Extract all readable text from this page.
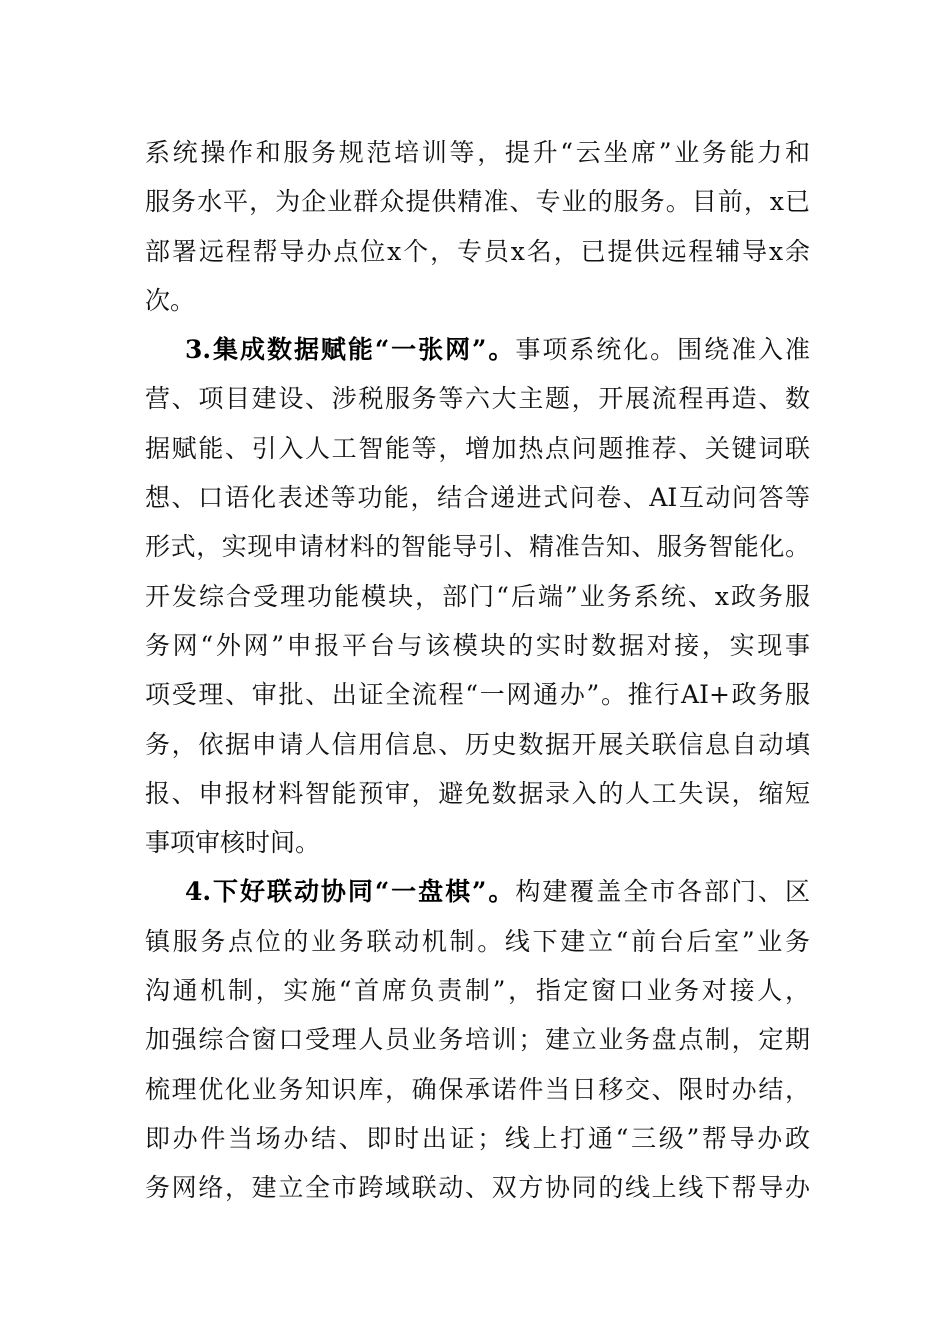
系统操作和服务规范培训等，提升“云坐席”业务能力和
服务水平，为企业群众提供精准、专业的服务。目前，x已
部署远程帮导办点位x个，专员x名，已提供远程辅导x余
次。
3.集成数据赋能“一张网”。事项系统化。围绕准入准
营、项目建设、涉税服务等六大主题，开展流程再造、数
据赋能、引入人工智能等，增加热点问题推荐、关键词联
想、口语化表述等功能，结合递进式问卷、AI互动问答等
形式，实现申请材料的智能导引、精准告知、服务智能化。
开发综合受理功能模块，部门“后端”业务系统、x政务服
务网“外网”申报平台与该模块的实时数据对接，实现事
项受理、审批、出证全流程“一网通办”。推行AI+政务服
务，依据申请人信用信息、历史数据开展关联信息自动填
报、申报材料智能预审，避免数据录入的人工失误，缩短
事项审核时间。
4.下好联动协同“一盘棋”。构建覆盖全市各部门、区
镇服务点位的业务联动机制。线下建立“前台后室”业务
沟通机制，实施“首席负责制”，指定窗口业务对接人，
加强综合窗口受理人员业务培训；建立业务盘点制，定期
梳理优化业务知识库，确保承诺件当日移交、限时办结，
即办件当场办结、即时出证；线上打通“三级”帮导办政
务网络，建立全市跨域联动、双方协同的线上线下帮导办
